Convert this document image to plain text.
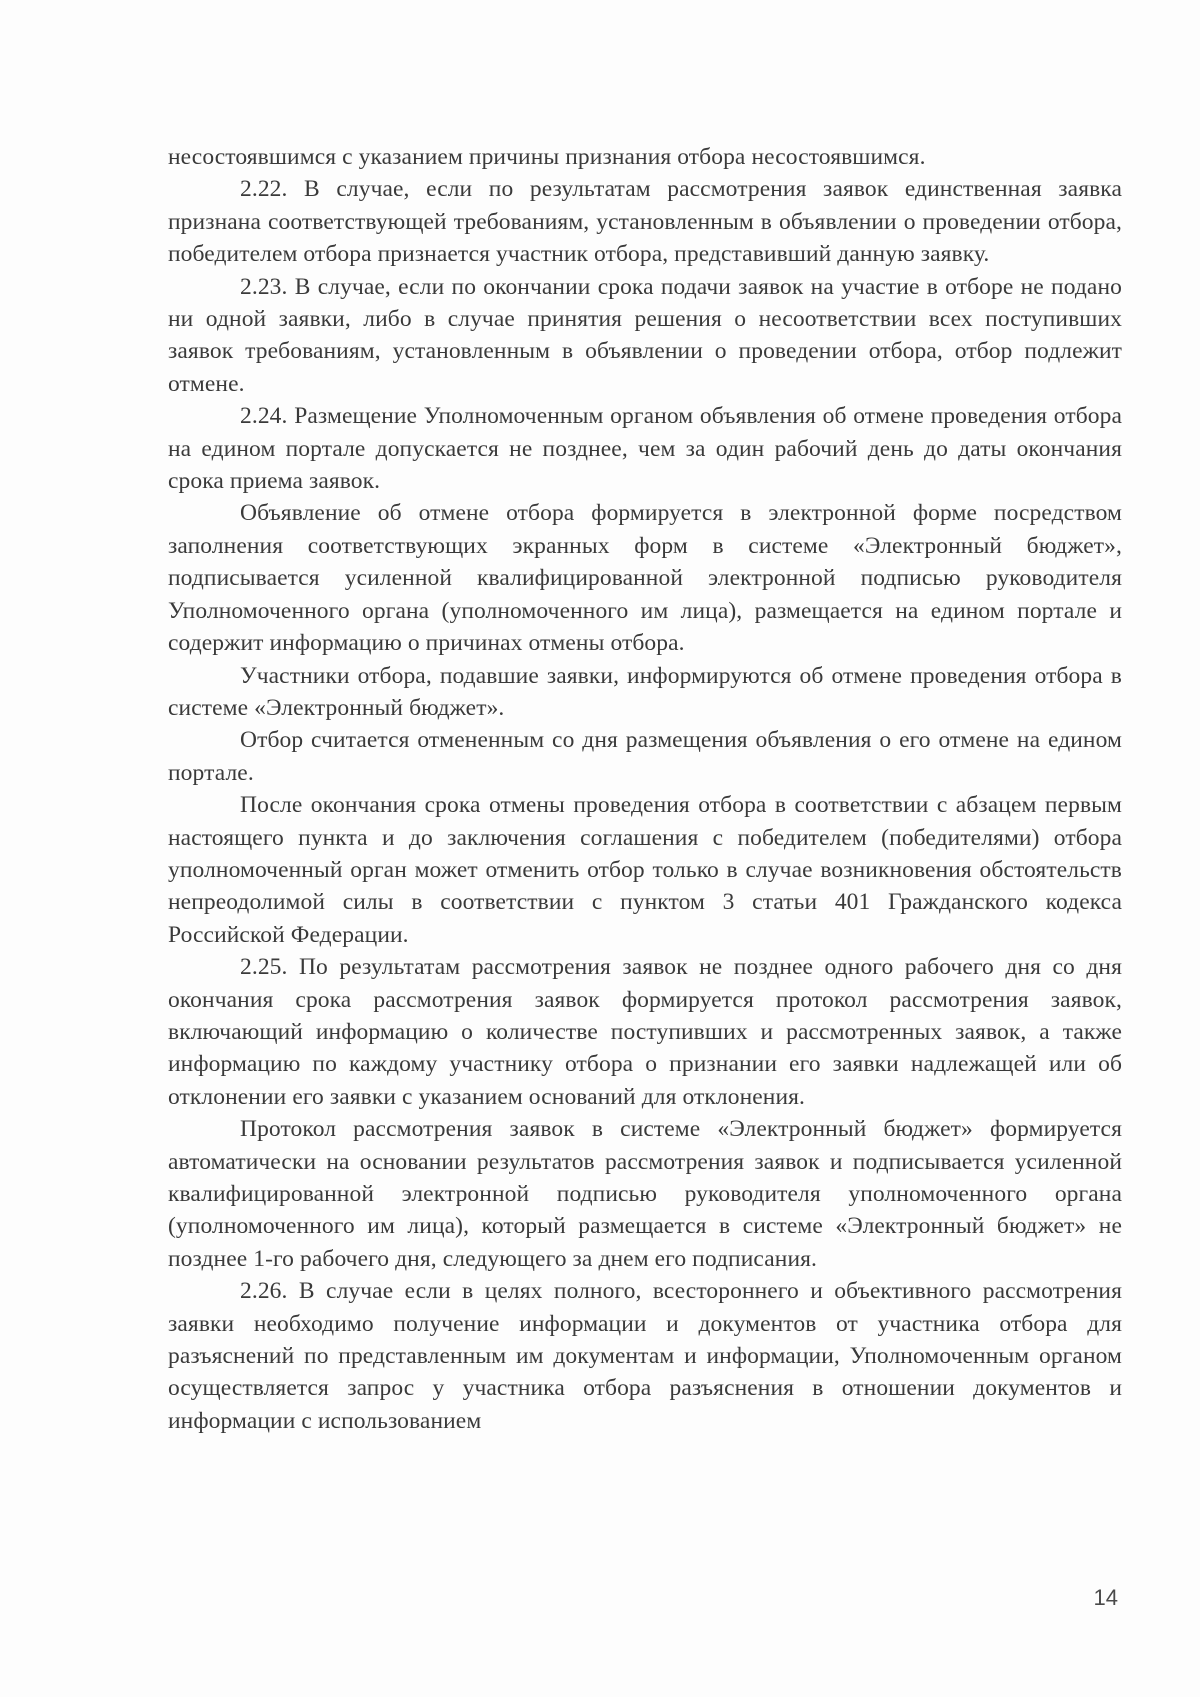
несостоявшимся с указанием причины признания отбора несостоявшимся.

2.22. В случае, если по результатам рассмотрения заявок единственная заявка признана соответствующей требованиям, установленным в объявлении о проведении отбора, победителем отбора признается участник отбора, представивший данную заявку.

2.23. В случае, если по окончании срока подачи заявок на участие в отборе не подано ни одной заявки, либо в случае принятия решения о несоответствии всех поступивших заявок требованиям, установленным в объявлении о проведении отбора, отбор подлежит отмене.

2.24. Размещение Уполномоченным органом объявления об отмене проведения отбора на едином портале допускается не позднее, чем за один рабочий день до даты окончания срока приема заявок.

Объявление об отмене отбора формируется в электронной форме посредством заполнения соответствующих экранных форм в системе «Электронный бюджет», подписывается усиленной квалифицированной электронной подписью руководителя Уполномоченного органа (уполномоченного им лица), размещается на едином портале и содержит информацию о причинах отмены отбора.

Участники отбора, подавшие заявки, информируются об отмене проведения отбора в системе «Электронный бюджет».

Отбор считается отмененным со дня размещения объявления о его отмене на едином портале.

После окончания срока отмены проведения отбора в соответствии с абзацем первым настоящего пункта и до заключения соглашения с победителем (победителями) отбора уполномоченный орган может отменить отбор только в случае возникновения обстоятельств непреодолимой силы в соответствии с пунктом 3 статьи 401 Гражданского кодекса Российской Федерации.

2.25. По результатам рассмотрения заявок не позднее одного рабочего дня со дня окончания срока рассмотрения заявок формируется протокол рассмотрения заявок, включающий информацию о количестве поступивших и рассмотренных заявок, а также информацию по каждому участнику отбора о признании его заявки надлежащей или об отклонении его заявки с указанием оснований для отклонения.

Протокол рассмотрения заявок в системе «Электронный бюджет» формируется автоматически на основании результатов рассмотрения заявок и подписывается усиленной квалифицированной электронной подписью руководителя уполномоченного органа (уполномоченного им лица), который размещается в системе «Электронный бюджет» не позднее 1-го рабочего дня, следующего за днем его подписания.

2.26. В случае если в целях полного, всестороннего и объективного рассмотрения заявки необходимо получение информации и документов от участника отбора для разъяснений по представленным им документам и информации, Уполномоченным органом осуществляется запрос у участника отбора разъяснения в отношении документов и информации с использованием

14
